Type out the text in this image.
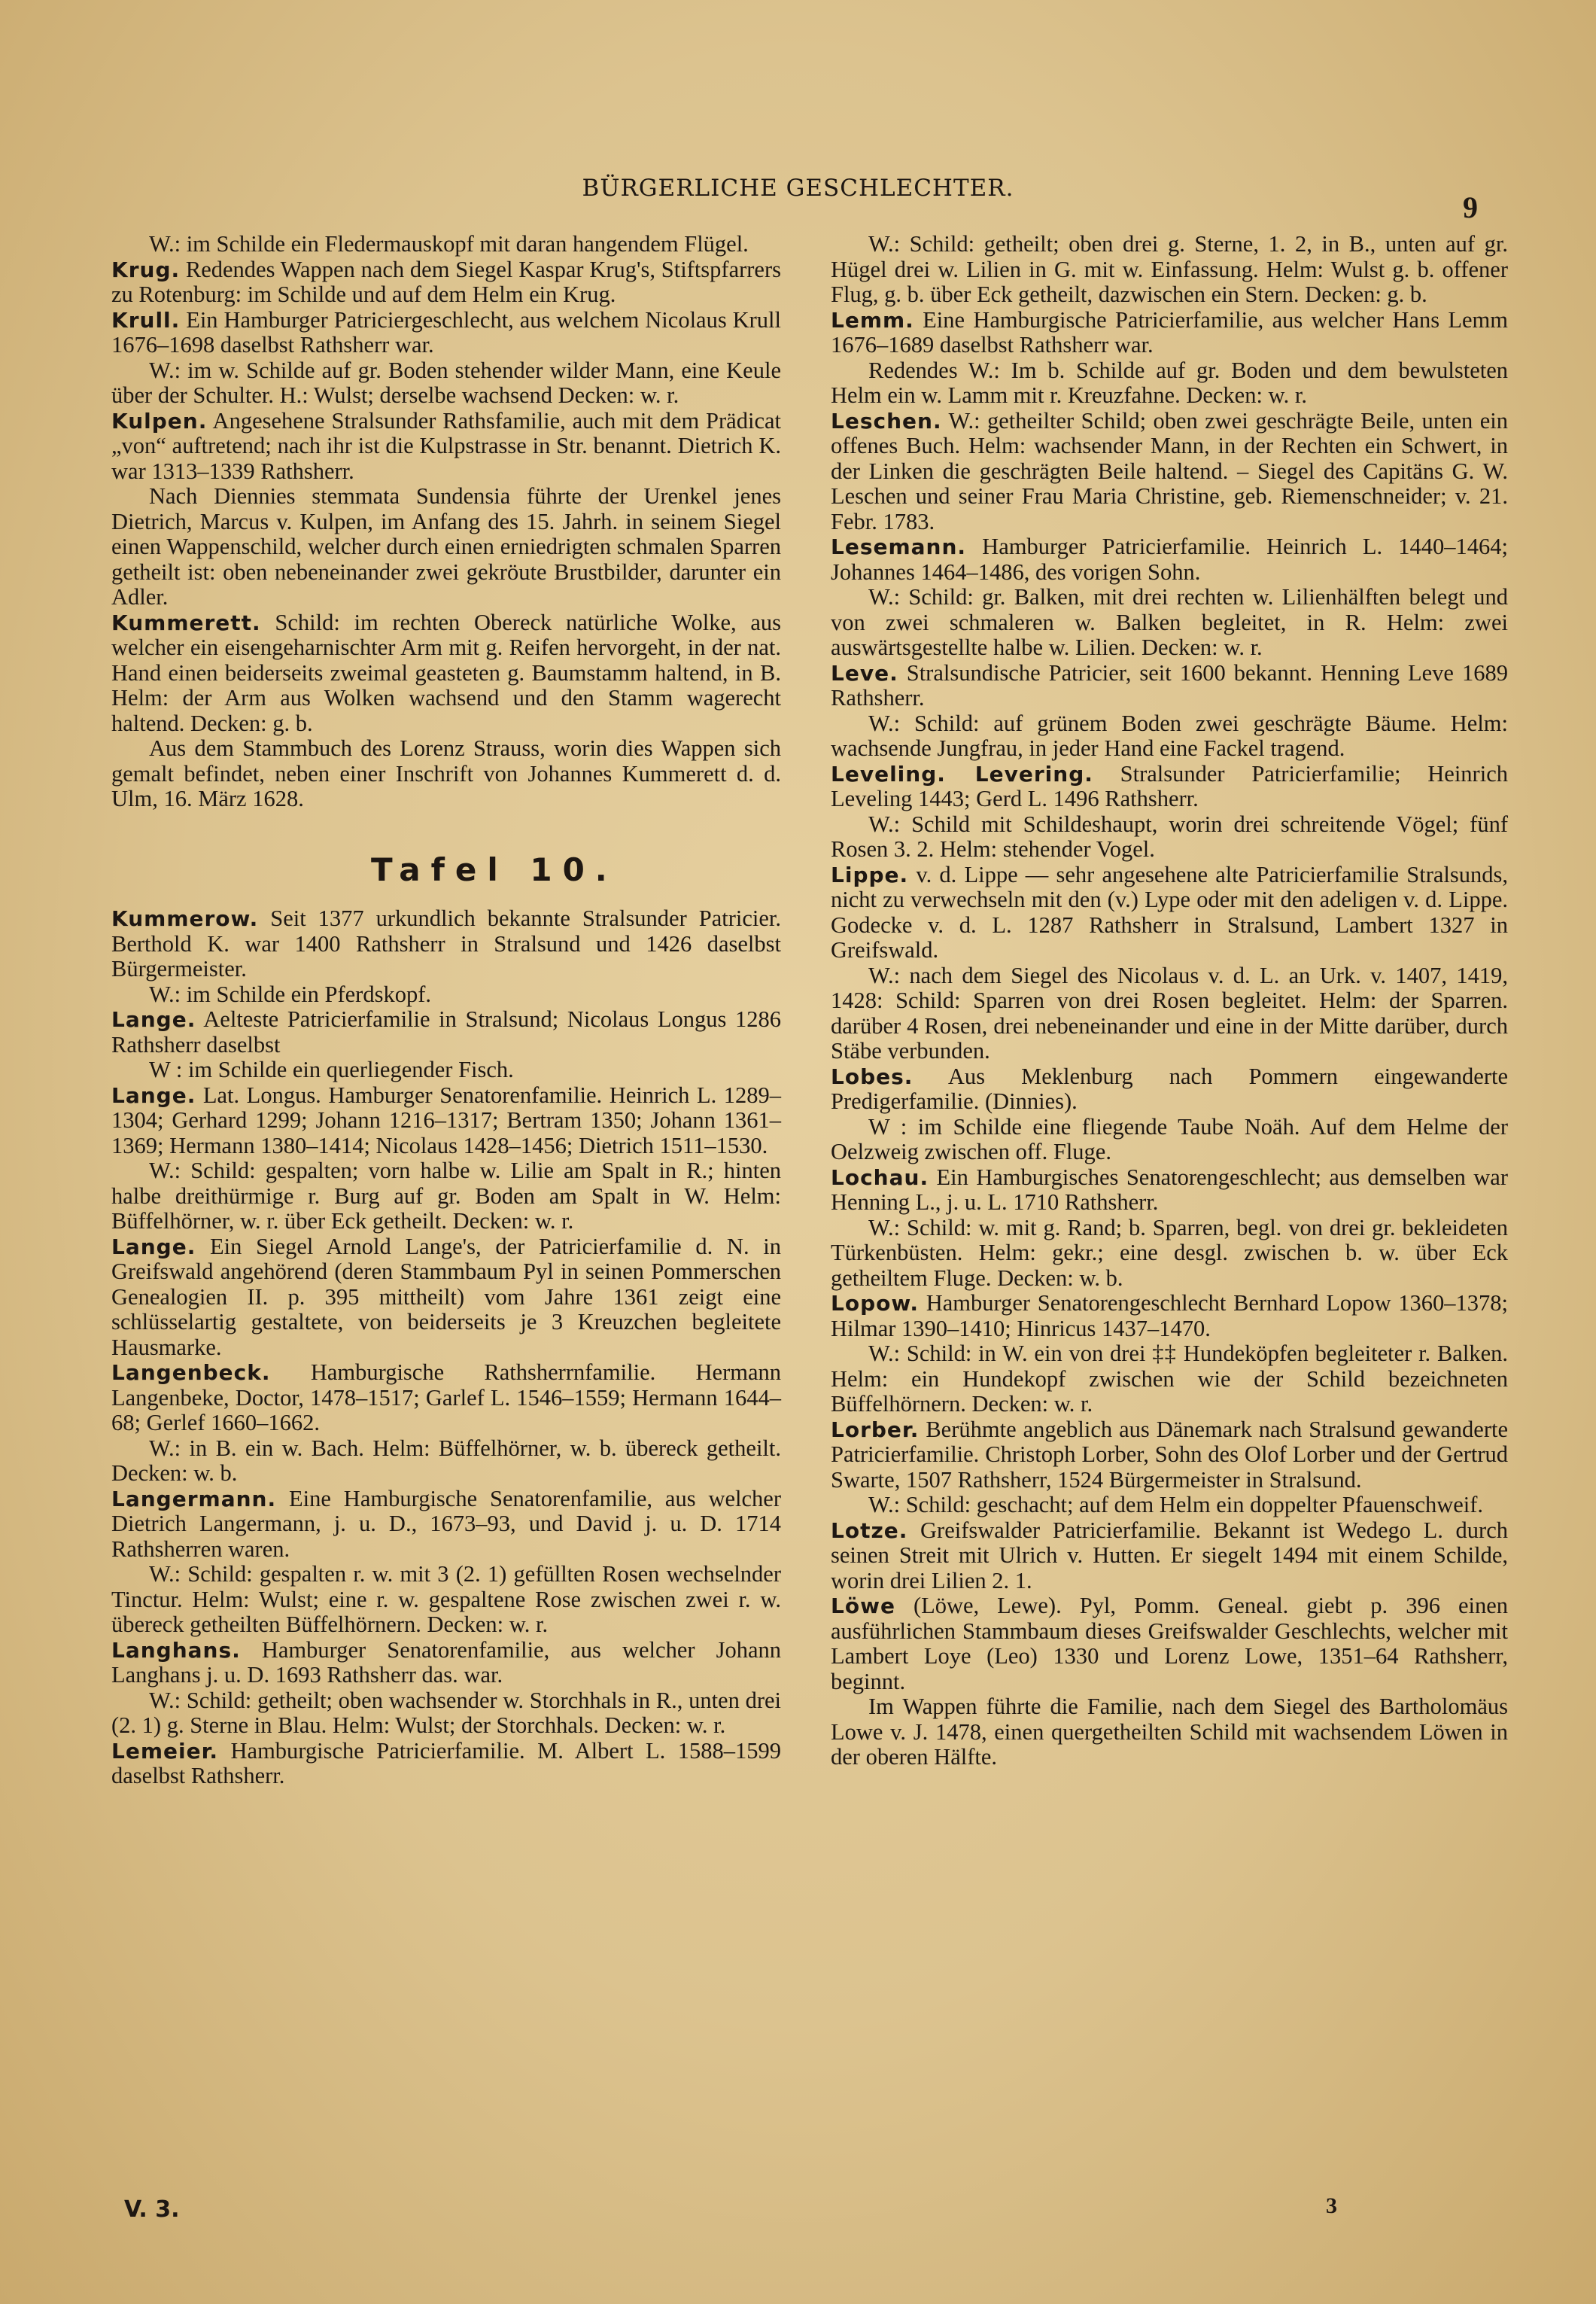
BÜRGERLICHE GESCHLECHTER.
9

W.: im Schilde ein Fledermauskopf mit daran hangendem Flügel.

Krug. Redendes Wappen nach dem Siegel Kaspar Krug's, Stiftspfarrers zu Rotenburg: im Schilde und auf dem Helm ein Krug.

Krull. Ein Hamburger Patriciergeschlecht, aus welchem Nicolaus Krull 1676–1698 daselbst Rathsherr war.

W.: im w. Schilde auf gr. Boden stehender wilder Mann, eine Keule über der Schulter. H.: Wulst; derselbe wachsend Decken: w. r.

Kulpen. Angesehene Stralsunder Rathsfamilie, auch mit dem Prädicat „von“ auftretend; nach ihr ist die Kulpstrasse in Str. benannt. Dietrich K. war 1313–1339 Rathsherr.

Nach Diennies stemmata Sundensia führte der Urenkel jenes Dietrich, Marcus v. Kulpen, im Anfang des 15. Jahrh. in seinem Siegel einen Wappenschild, welcher durch einen erniedrigten schmalen Sparren getheilt ist: oben nebeneinander zwei gekröute Brustbilder, darunter ein Adler.

Kummerett. Schild: im rechten Obereck natürliche Wolke, aus welcher ein eisengeharnischter Arm mit g. Reifen hervorgeht, in der nat. Hand einen beiderseits zweimal geasteten g. Baumstamm haltend, in B. Helm: der Arm aus Wolken wachsend und den Stamm wagerecht haltend. Decken: g. b.

Aus dem Stammbuch des Lorenz Strauss, worin dies Wappen sich gemalt befindet, neben einer Inschrift von Johannes Kummerett d. d. Ulm, 16. März 1628.

Tafel 10.

Kummerow. Seit 1377 urkundlich bekannte Stralsunder Patricier. Berthold K. war 1400 Rathsherr in Stralsund und 1426 daselbst Bürgermeister.

W.: im Schilde ein Pferdskopf.

Lange. Aelteste Patricierfamilie in Stralsund; Nicolaus Longus 1286 Rathsherr daselbst

W : im Schilde ein querliegender Fisch.

Lange. Lat. Longus. Hamburger Senatorenfamilie. Heinrich L. 1289–1304; Gerhard 1299; Johann 1216–1317; Bertram 1350; Johann 1361–1369; Hermann 1380–1414; Nicolaus 1428–1456; Dietrich 1511–1530.

W.: Schild: gespalten; vorn halbe w. Lilie am Spalt in R.; hinten halbe dreithürmige r. Burg auf gr. Boden am Spalt in W. Helm: Büffelhörner, w. r. über Eck getheilt. Decken: w. r.

Lange. Ein Siegel Arnold Lange's, der Patricierfamilie d. N. in Greifswald angehörend (deren Stammbaum Pyl in seinen Pommerschen Genealogien II. p. 395 mittheilt) vom Jahre 1361 zeigt eine schlüsselartig gestaltete, von beiderseits je 3 Kreuzchen begleitete Hausmarke.

Langenbeck. Hamburgische Rathsherrnfamilie. Hermann Langenbeke, Doctor, 1478–1517; Garlef L. 1546–1559; Hermann 1644–68; Gerlef 1660–1662.

W.: in B. ein w. Bach. Helm: Büffelhörner, w. b. übereck getheilt. Decken: w. b.

Langermann. Eine Hamburgische Senatorenfamilie, aus welcher Dietrich Langermann, j. u. D., 1673–93, und David j. u. D. 1714 Rathsherren waren.

W.: Schild: gespalten r. w. mit 3 (2. 1) gefüllten Rosen wechselnder Tinctur. Helm: Wulst; eine r. w. gespaltene Rose zwischen zwei r. w. übereck getheilten Büffelhörnern. Decken: w. r.

Langhans. Hamburger Senatorenfamilie, aus welcher Johann Langhans j. u. D. 1693 Rathsherr das. war.

W.: Schild: getheilt; oben wachsender w. Storchhals in R., unten drei (2. 1) g. Sterne in Blau. Helm: Wulst; der Storchhals. Decken: w. r.

Lemeier. Hamburgische Patricierfamilie. M. Albert L. 1588–1599 daselbst Rathsherr.

W.: Schild: getheilt; oben drei g. Sterne, 1. 2, in B., unten auf gr. Hügel drei w. Lilien in G. mit w. Einfassung. Helm: Wulst g. b. offener Flug, g. b. über Eck getheilt, dazwischen ein Stern. Decken: g. b.

Lemm. Eine Hamburgische Patricierfamilie, aus welcher Hans Lemm 1676–1689 daselbst Rathsherr war.

Redendes W.: Im b. Schilde auf gr. Boden und dem bewulsteten Helm ein w. Lamm mit r. Kreuzfahne. Decken: w. r.

Leschen. W.: getheilter Schild; oben zwei geschrägte Beile, unten ein offenes Buch. Helm: wachsender Mann, in der Rechten ein Schwert, in der Linken die geschrägten Beile haltend. – Siegel des Capitäns G. W. Leschen und seiner Frau Maria Christine, geb. Riemenschneider; v. 21. Febr. 1783.

Lesemann. Hamburger Patricierfamilie. Heinrich L. 1440–1464; Johannes 1464–1486, des vorigen Sohn.

W.: Schild: gr. Balken, mit drei rechten w. Lilienhälften belegt und von zwei schmaleren w. Balken begleitet, in R. Helm: zwei auswärtsgestellte halbe w. Lilien. Decken: w. r.

Leve. Stralsundische Patricier, seit 1600 bekannt. Henning Leve 1689 Rathsherr.

W.: Schild: auf grünem Boden zwei geschrägte Bäume. Helm: wachsende Jungfrau, in jeder Hand eine Fackel tragend.

Leveling. Levering. Stralsunder Patricierfamilie; Heinrich Leveling 1443; Gerd L. 1496 Rathsherr.

W.: Schild mit Schildeshaupt, worin drei schreitende Vögel; fünf Rosen 3. 2. Helm: stehender Vogel.

Lippe. v. d. Lippe — sehr angesehene alte Patricierfamilie Stralsunds, nicht zu verwechseln mit den (v.) Lype oder mit den adeligen v. d. Lippe. Godecke v. d. L. 1287 Rathsherr in Stralsund, Lambert 1327 in Greifswald.

W.: nach dem Siegel des Nicolaus v. d. L. an Urk. v. 1407, 1419, 1428: Schild: Sparren von drei Rosen begleitet. Helm: der Sparren. darüber 4 Rosen, drei nebeneinander und eine in der Mitte darüber, durch Stäbe verbunden.

Lobes. Aus Meklenburg nach Pommern eingewanderte Predigerfamilie. (Dinnies).

W : im Schilde eine fliegende Taube Noäh. Auf dem Helme der Oelzweig zwischen off. Fluge.

Lochau. Ein Hamburgisches Senatorengeschlecht; aus demselben war Henning L., j. u. L. 1710 Rathsherr.

W.: Schild: w. mit g. Rand; b. Sparren, begl. von drei gr. bekleideten Türkenbüsten. Helm: gekr.; eine desgl. zwischen b. w. über Eck getheiltem Fluge. Decken: w. b.

Lopow. Hamburger Senatorengeschlecht Bernhard Lopow 1360–1378; Hilmar 1390–1410; Hinricus 1437–1470.

W.: Schild: in W. ein von drei ‡‡ Hundeköpfen begleiteter r. Balken. Helm: ein Hundekopf zwischen wie der Schild bezeichneten Büffelhörnern. Decken: w. r.

Lorber. Berühmte angeblich aus Dänemark nach Stralsund gewanderte Patricierfamilie. Christoph Lorber, Sohn des Olof Lorber und der Gertrud Swarte, 1507 Rathsherr, 1524 Bürgermeister in Stralsund.

W.: Schild: geschacht; auf dem Helm ein doppelter Pfauenschweif.

Lotze. Greifswalder Patricierfamilie. Bekannt ist Wedego L. durch seinen Streit mit Ulrich v. Hutten. Er siegelt 1494 mit einem Schilde, worin drei Lilien 2. 1.

Löwe (Löwe, Lewe). Pyl, Pomm. Geneal. giebt p. 396 einen ausführlichen Stammbaum dieses Greifswalder Geschlechts, welcher mit Lambert Loye (Leo) 1330 und Lorenz Lowe, 1351–64 Rathsherr, beginnt.

Im Wappen führte die Familie, nach dem Siegel des Bartholomäus Lowe v. J. 1478, einen quergetheilten Schild mit wachsendem Löwen in der oberen Hälfte.

V. 3.	3
